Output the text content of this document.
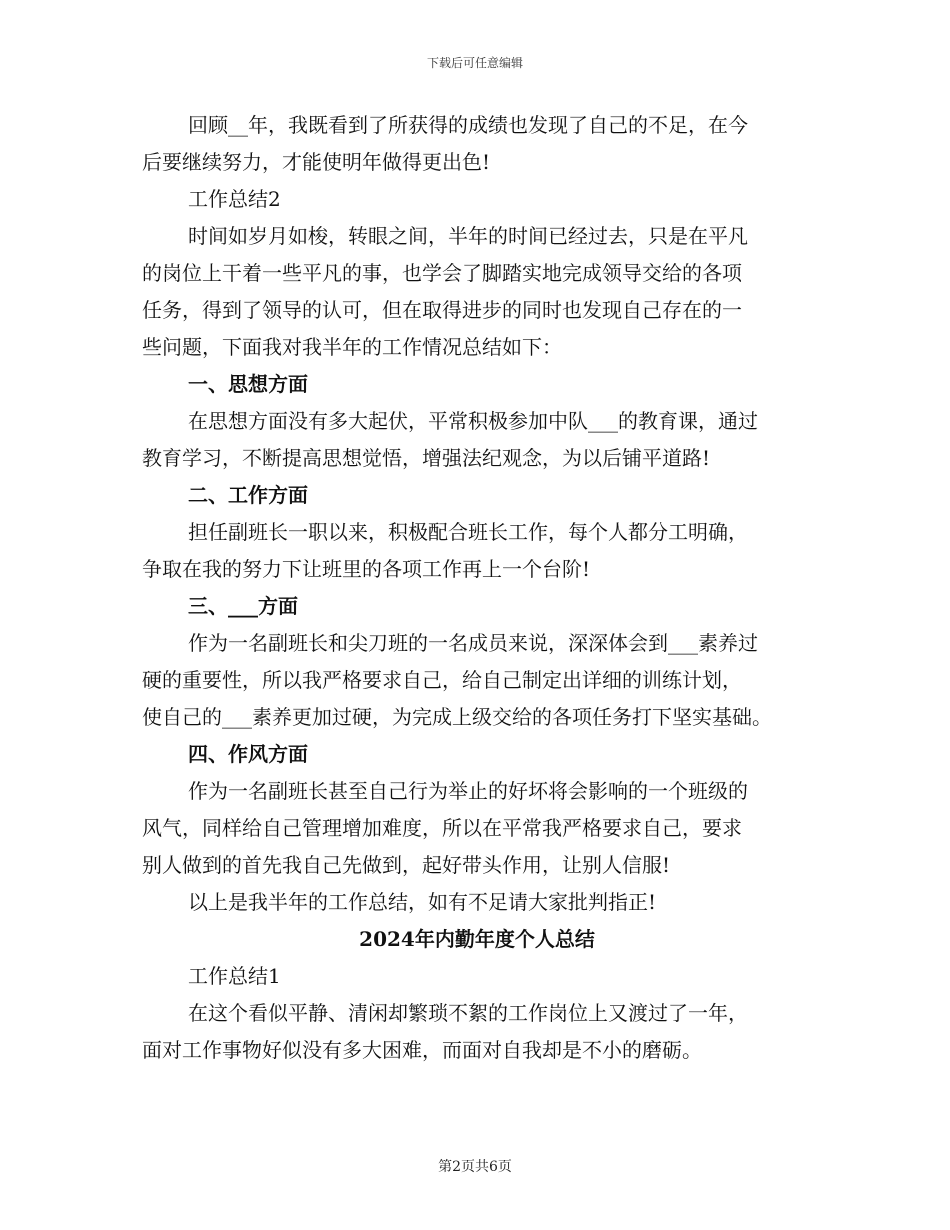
下载后可任意编辑
回顾__年，我既看到了所获得的成绩也发现了自己的不足，在今
后要继续努力，才能使明年做得更出色!
工作总结2
时间如岁月如梭，转眼之间，半年的时间已经过去，只是在平凡
的岗位上干着一些平凡的事，也学会了脚踏实地完成领导交给的各项
任务，得到了领导的认可，但在取得进步的同时也发现自己存在的一
些问题，下面我对我半年的工作情况总结如下：
一、思想方面
在思想方面没有多大起伏，平常积极参加中队___的教育课，通过
教育学习，不断提高思想觉悟，增强法纪观念，为以后铺平道路!
二、工作方面
担任副班长一职以来，积极配合班长工作，每个人都分工明确，
争取在我的努力下让班里的各项工作再上一个台阶!
三、___方面
作为一名副班长和尖刀班的一名成员来说，深深体会到___素养过
硬的重要性，所以我严格要求自己，给自己制定出详细的训练计划，
使自己的___素养更加过硬，为完成上级交给的各项任务打下坚实基础。
四、作风方面
作为一名副班长甚至自己行为举止的好坏将会影响的一个班级的
风气，同样给自己管理增加难度，所以在平常我严格要求自己，要求
别人做到的首先我自己先做到，起好带头作用，让别人信服!
以上是我半年的工作总结，如有不足请大家批判指正!
2024年内勤年度个人总结
工作总结1
在这个看似平静、清闲却繁琐不絮的工作岗位上又渡过了一年，
面对工作事物好似没有多大困难，而面对自我却是不小的磨砺。
第2页共6页
